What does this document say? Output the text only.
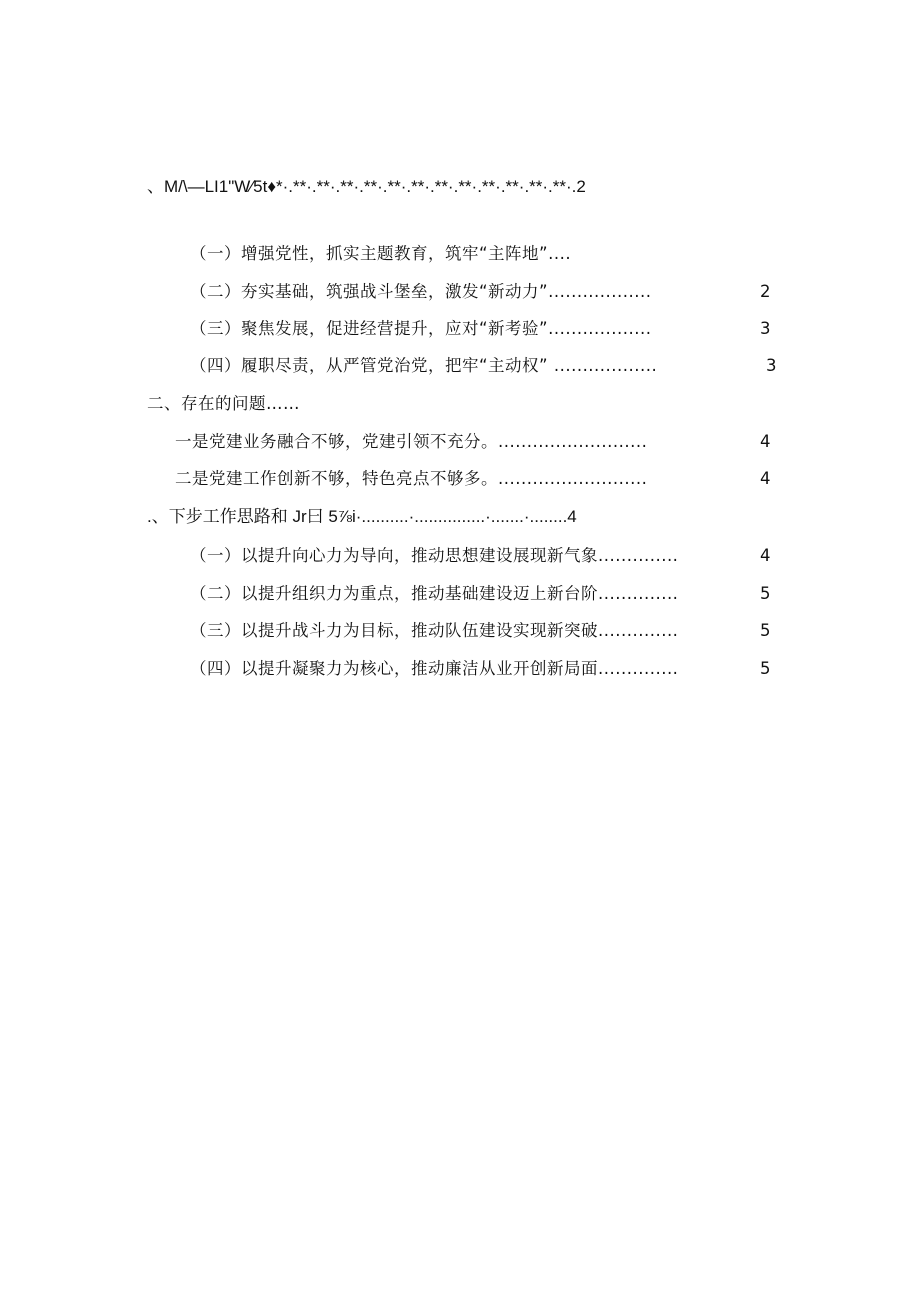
、M/\—LI1"W∕5t♦*·.**·.**·.**·.**·.**·.**·.**·.**·.**·.**·.**·.**·.2
（一）增强党性，抓实主题教育，筑牢“主阵地”....
（二）夯实基础，筑强战斗堡垒，激发“新动力”..................	2
（三）聚焦发展，促进经营提升，应对“新考验”..................	3
（四）履职尽责，从严管党治党，把牢“主动权” ..................	3
二、存在的问题……
一是党建业务融合不够，党建引领不充分。..........................	4
二是党建工作创新不够，特色亮点不够多。..........................	4
.、下步工作思路和 Jr曰 5⅞i·..........·...............·.......·........4
（一）以提升向心力为导向，推动思想建设展现新气象..............	4
（二）以提升组织力为重点，推动基础建设迈上新台阶..............	5
（三）以提升战斗力为目标，推动队伍建设实现新突破..............	5
（四）以提升凝聚力为核心，推动廉洁从业开创新局面..............	5
